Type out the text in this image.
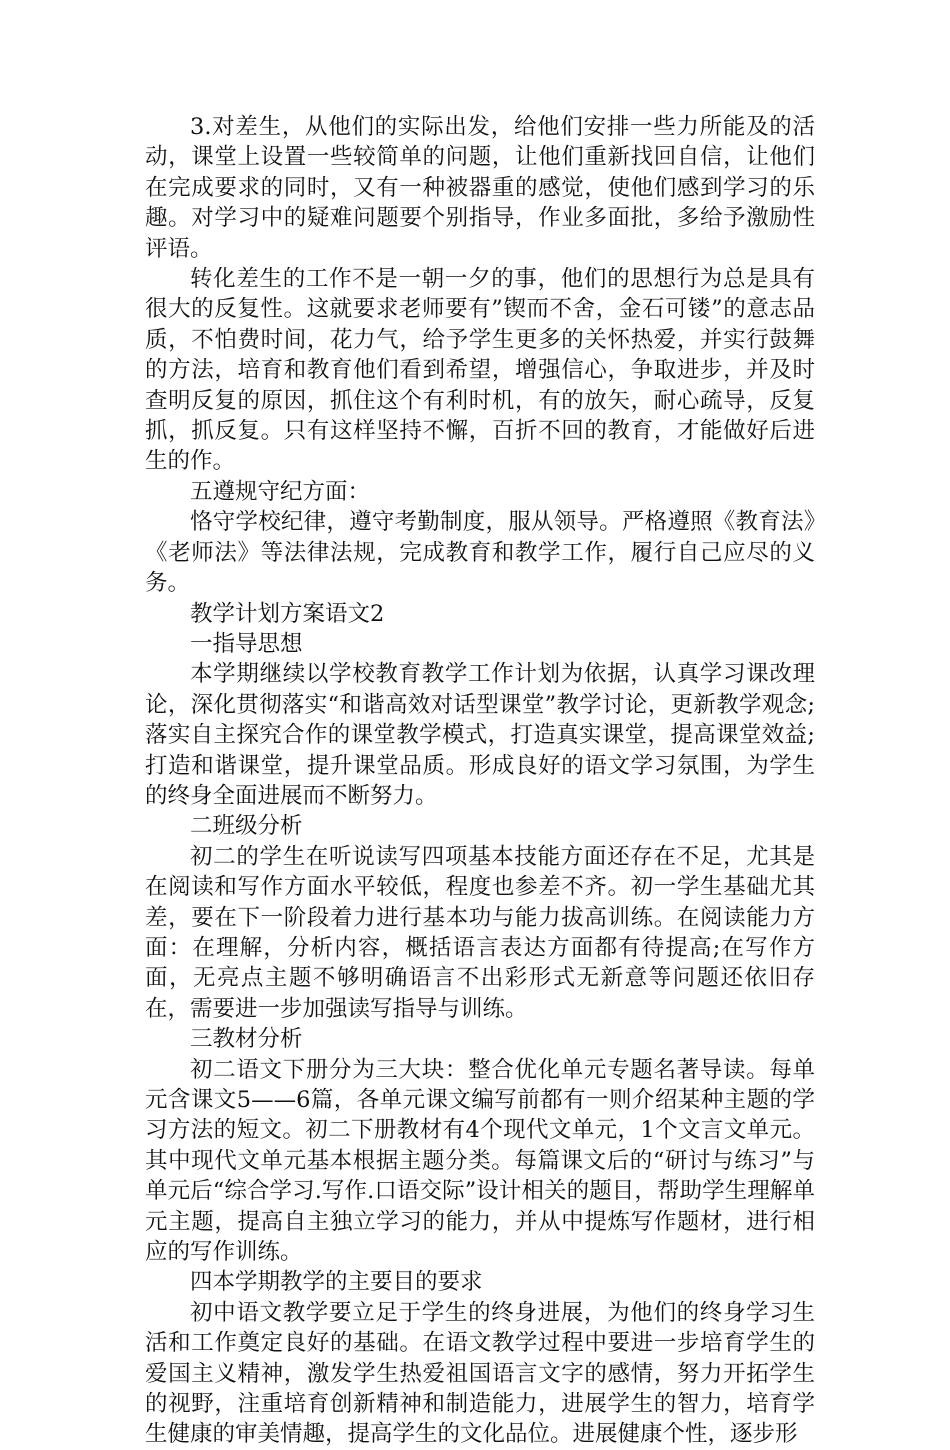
3.对差生，从他们的实际出发，给他们安排一些力所能及的活动，课堂上设置一些较简单的问题，让他们重新找回自信，让他们在完成要求的同时，又有一种被器重的感觉，使他们感到学习的乐趣。对学习中的疑难问题要个别指导，作业多面批，多给予激励性评语。

转化差生的工作不是一朝一夕的事，他们的思想行为总是具有很大的反复性。这就要求老师要有”锲而不舍，金石可镂”的意志品质，不怕费时间，花力气，给予学生更多的关怀热爱，并实行鼓舞的方法，培育和教育他们看到希望，增强信心，争取进步，并及时查明反复的原因，抓住这个有利时机，有的放矢，耐心疏导，反复抓，抓反复。只有这样坚持不懈，百折不回的教育，才能做好后进生的作。

五遵规守纪方面：

恪守学校纪律，遵守考勤制度，服从领导。严格遵照《教育法》《老师法》等法律法规，完成教育和教学工作，履行自己应尽的义务。

教学计划方案语文2

一指导思想

本学期继续以学校教育教学工作计划为依据，认真学习课改理论，深化贯彻落实“和谐高效对话型课堂”教学讨论，更新教学观念;落实自主探究合作的课堂教学模式，打造真实课堂，提高课堂效益;打造和谐课堂，提升课堂品质。形成良好的语文学习氛围，为学生的终身全面进展而不断努力。

二班级分析

初二的学生在听说读写四项基本技能方面还存在不足，尤其是在阅读和写作方面水平较低，程度也参差不齐。初一学生基础尤其差，要在下一阶段着力进行基本功与能力拔高训练。在阅读能力方面：在理解，分析内容，概括语言表达方面都有待提高;在写作方面，无亮点主题不够明确语言不出彩形式无新意等问题还依旧存在，需要进一步加强读写指导与训练。

三教材分析

初二语文下册分为三大块：整合优化单元专题名著导读。每单元含课文5——6篇，各单元课文编写前都有一则介绍某种主题的学习方法的短文。初二下册教材有4个现代文单元，1个文言文单元。其中现代文单元基本根据主题分类。每篇课文后的“研讨与练习”与单元后“综合学习.写作.口语交际”设计相关的题目，帮助学生理解单元主题，提高自主独立学习的能力，并从中提炼写作题材，进行相应的写作训练。

四本学期教学的主要目的要求

初中语文教学要立足于学生的终身进展，为他们的终身学习生活和工作奠定良好的基础。在语文教学过程中要进一步培育学生的爱国主义精神，激发学生热爱祖国语言文字的感情，努力开拓学生的视野，注重培育创新精神和制造能力，进展学生的智力，培育学生健康的审美情趣，提高学生的文化品位。进展健康个性，逐步形
